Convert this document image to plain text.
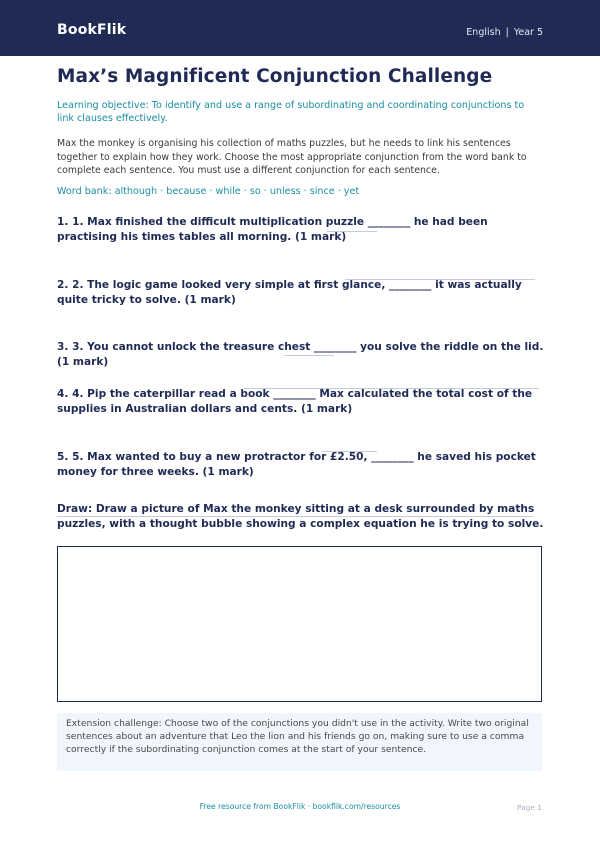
BookFlik	English | Year 5
Max’s Magnificent Conjunction Challenge
Learning objective: To identify and use a range of subordinating and coordinating conjunctions to link clauses effectively.
Max the monkey is organising his collection of maths puzzles, but he needs to link his sentences together to explain how they work. Choose the most appropriate conjunction from the word bank to complete each sentence. You must use a different conjunction for each sentence.
Word bank: although · because · while · so · unless · since · yet
1. 1. Max finished the difficult multiplication puzzle ________ he had been practising his times tables all morning. (1 mark)
2. 2. The logic game looked very simple at first glance, ________ it was actually quite tricky to solve. (1 mark)
3. 3. You cannot unlock the treasure chest ________ you solve the riddle on the lid. (1 mark)
4. 4. Pip the caterpillar read a book ________ Max calculated the total cost of the supplies in Australian dollars and cents. (1 mark)
5. 5. Max wanted to buy a new protractor for £2.50, ________ he saved his pocket money for three weeks. (1 mark)
Draw: Draw a picture of Max the monkey sitting at a desk surrounded by maths puzzles, with a thought bubble showing a complex equation he is trying to solve.
Extension challenge: Choose two of the conjunctions you didn't use in the activity. Write two original sentences about an adventure that Leo the lion and his friends go on, making sure to use a comma correctly if the subordinating conjunction comes at the start of your sentence.
Free resource from BookFlik · bookflik.com/resources	Page 1
